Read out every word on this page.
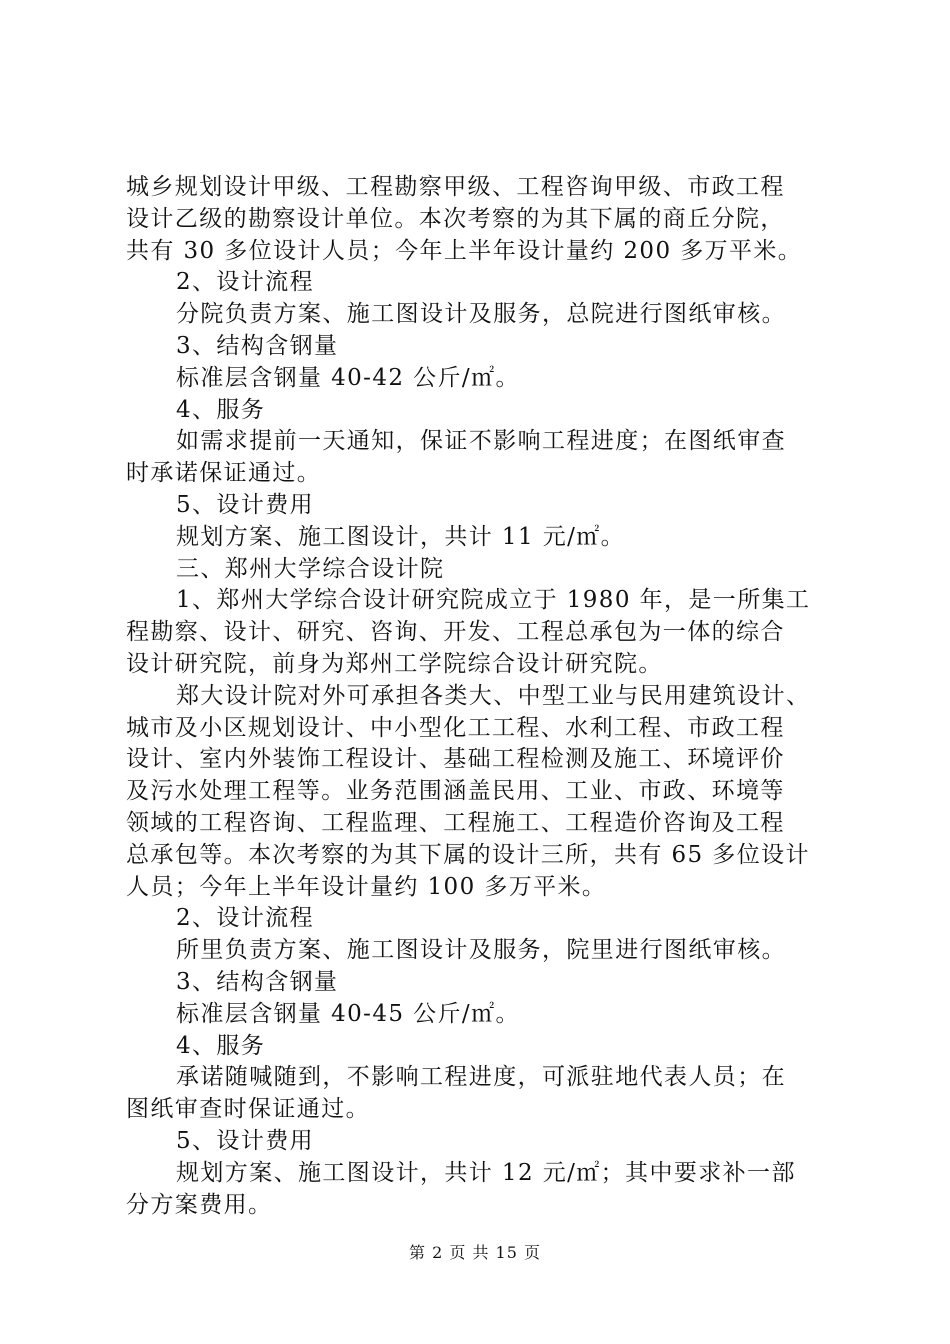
城乡规划设计甲级、工程勘察甲级、工程咨询甲级、市政工程
设计乙级的勘察设计单位。本次考察的为其下属的商丘分院，
共有 30 多位设计人员；今年上半年设计量约 200 多万平米。
2、设计流程
分院负责方案、施工图设计及服务，总院进行图纸审核。
3、结构含钢量
标准层含钢量 40-42 公斤/㎡。
4、服务
如需求提前一天通知，保证不影响工程进度；在图纸审查
时承诺保证通过。
5、设计费用
规划方案、施工图设计，共计 11 元/㎡。
三、郑州大学综合设计院
1、郑州大学综合设计研究院成立于 1980 年，是一所集工
程勘察、设计、研究、咨询、开发、工程总承包为一体的综合
设计研究院，前身为郑州工学院综合设计研究院。
郑大设计院对外可承担各类大、中型工业与民用建筑设计、
城市及小区规划设计、中小型化工工程、水利工程、市政工程
设计、室内外装饰工程设计、基础工程检测及施工、环境评价
及污水处理工程等。业务范围涵盖民用、工业、市政、环境等
领域的工程咨询、工程监理、工程施工、工程造价咨询及工程
总承包等。本次考察的为其下属的设计三所，共有 65 多位设计
人员；今年上半年设计量约 100 多万平米。
2、设计流程
所里负责方案、施工图设计及服务，院里进行图纸审核。
3、结构含钢量
标准层含钢量 40-45 公斤/㎡。
4、服务
承诺随喊随到，不影响工程进度，可派驻地代表人员；在
图纸审查时保证通过。
5、设计费用
规划方案、施工图设计，共计 12 元/㎡；其中要求补一部
分方案费用。
第 2 页 共 15 页
